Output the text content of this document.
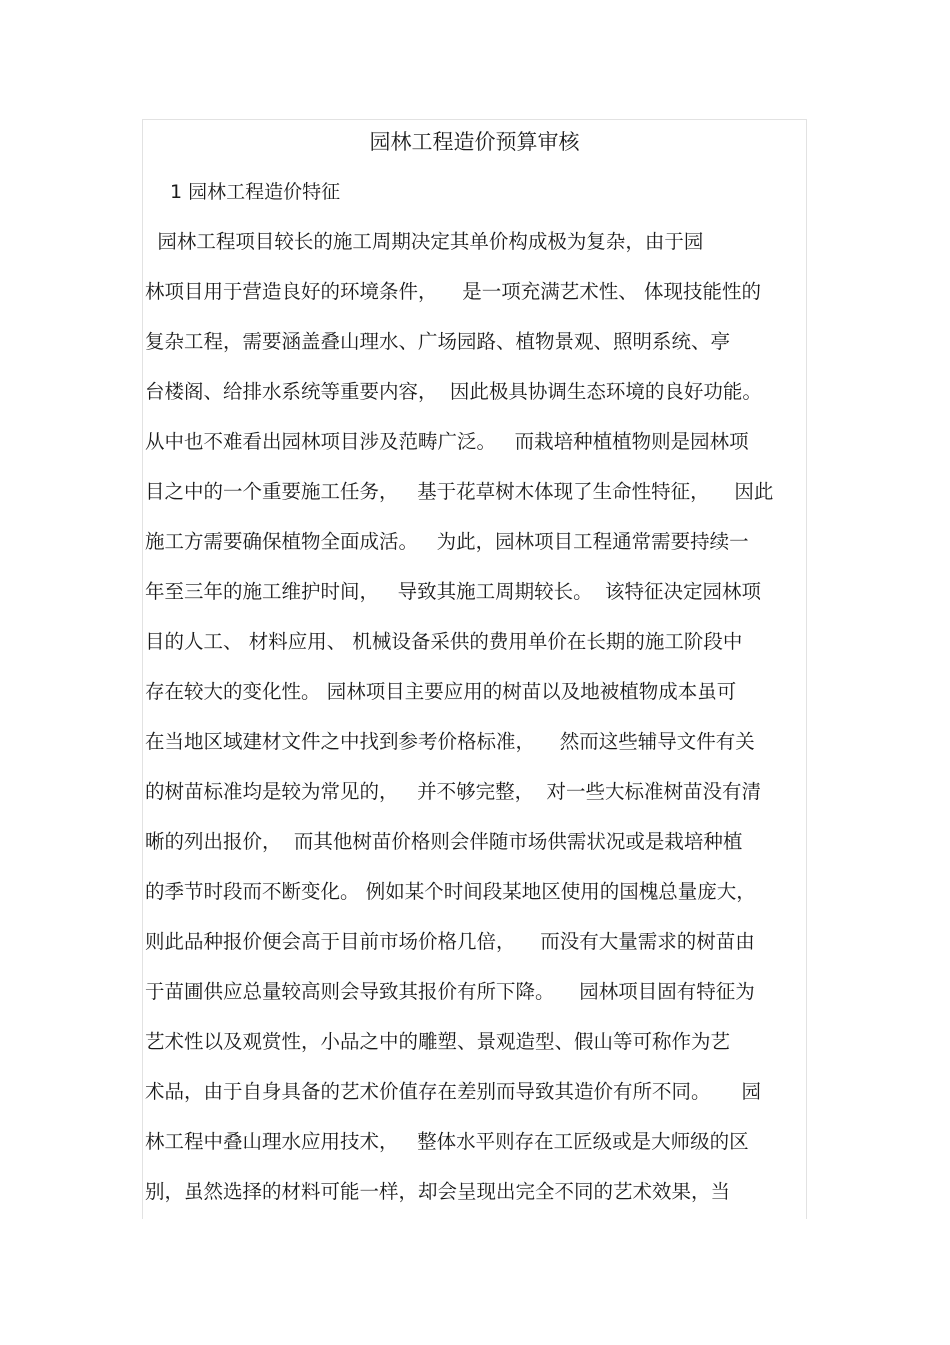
园林工程造价预算审核
1 园林工程造价特征
园林工程项目较长的施工周期决定其单价构成极为复杂，由于园
林项目用于营造良好的环境条件，    是一项充满艺术性、 体现技能性的
复杂工程，需要涵盖叠山理水、广场园路、植物景观、照明系统、亭
台楼阁、给排水系统等重要内容，  因此极具协调生态环境的良好功能。
从中也不难看出园林项目涉及范畴广泛。   而栽培种植植物则是园林项
目之中的一个重要施工任务，   基于花草树木体现了生命性特征，    因此
施工方需要确保植物全面成活。   为此，园林项目工程通常需要持续一
年至三年的施工维护时间，   导致其施工周期较长。  该特征决定园林项
目的人工、 材料应用、 机械设备采供的费用单价在长期的施工阶段中
存在较大的变化性。 园林项目主要应用的树苗以及地被植物成本虽可
在当地区域建材文件之中找到参考价格标准，    然而这些辅导文件有关
的树苗标准均是较为常见的，   并不够完整，  对一些大标准树苗没有清
晰的列出报价，  而其他树苗价格则会伴随市场供需状况或是栽培种植
的季节时段而不断变化。 例如某个时间段某地区使用的国槐总量庞大，
则此品种报价便会高于目前市场价格几倍，    而没有大量需求的树苗由
于苗圃供应总量较高则会导致其报价有所下降。    园林项目固有特征为
艺术性以及观赏性，小品之中的雕塑、景观造型、假山等可称作为艺
术品，由于自身具备的艺术价值存在差别而导致其造价有所不同。     园
林工程中叠山理水应用技术，   整体水平则存在工匠级或是大师级的区
别，虽然选择的材料可能一样，却会呈现出完全不同的艺术效果，当
